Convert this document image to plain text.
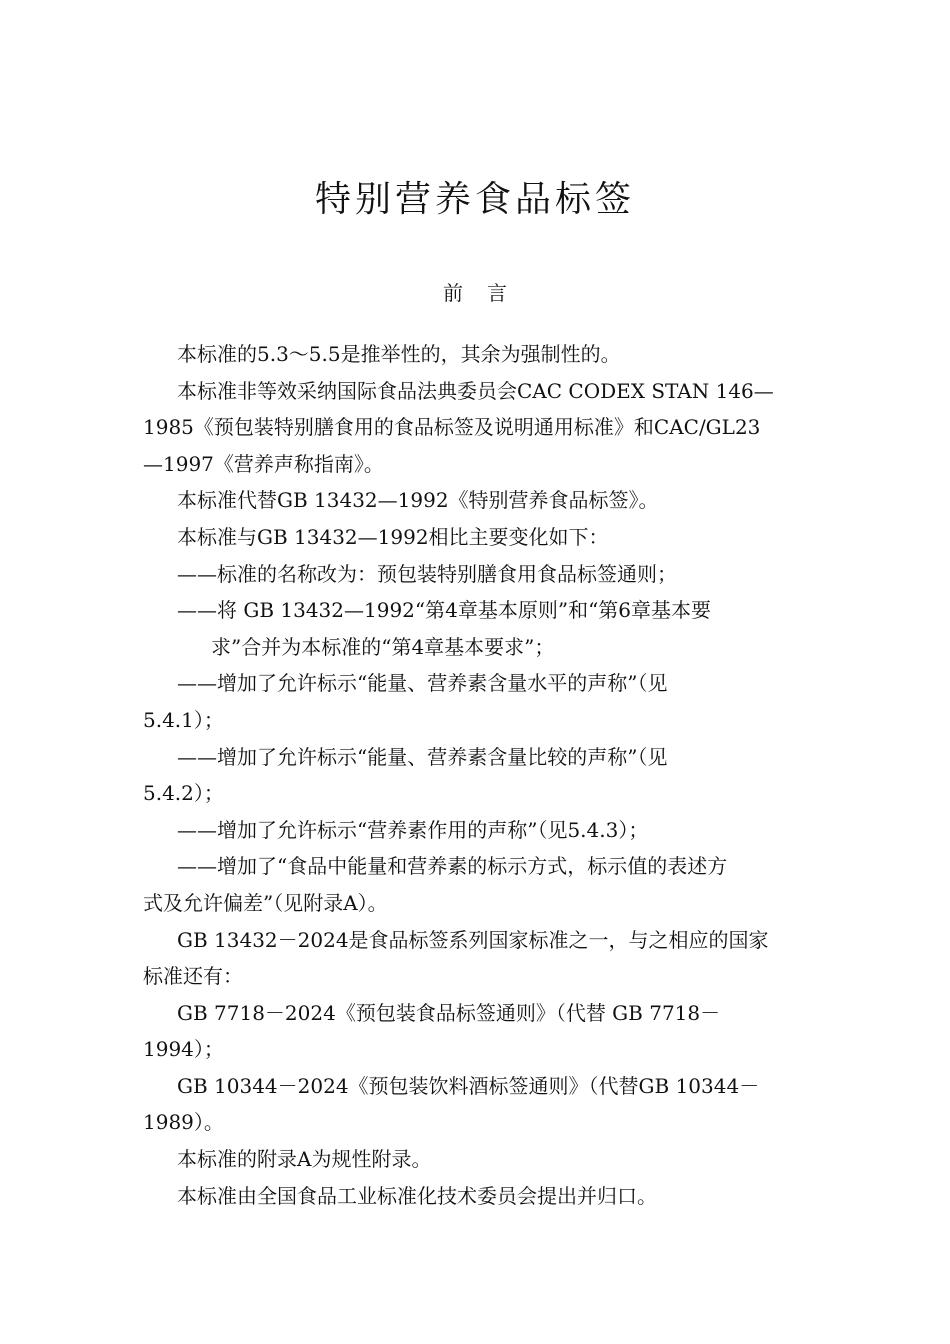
特别营养食品标签
前言

本标准的5.3～5.5是推举性的，其余为强制性的。

本标准非等效采纳国际食品法典委员会CAC CODEX STAN 146—
1985《预包装特别膳食用的食品标签及说明通用标准》和CAC/GL23
—1997《营养声称指南》。

本标准代替GB 13432—1992《特别营养食品标签》。

本标准与GB 13432—1992相比主要变化如下：

——标准的名称改为：预包装特别膳食用食品标签通则；

——将 GB 13432—1992“第4章基本原则”和“第6章基本要
求”合并为本标准的“第4章基本要求”；

——增加了允许标示“能量、营养素含量水平的声称”（见
5.4.1）；

——增加了允许标示“能量、营养素含量比较的声称”（见
5.4.2）；

——增加了允许标示“营养素作用的声称”（见5.4.3）；

——增加了“食品中能量和营养素的标示方式，标示值的表述方
式及允许偏差”（见附录A）。

GB 13432－2024是食品标签系列国家标准之一，与之相应的国家
标准还有：

GB 7718－2024《预包装食品标签通则》（代替 GB 7718－
1994）；

GB 10344－2024《预包装饮料酒标签通则》（代替GB 10344－
1989）。

本标准的附录A为规性附录。

本标准由全国食品工业标准化技术委员会提出并归口。
